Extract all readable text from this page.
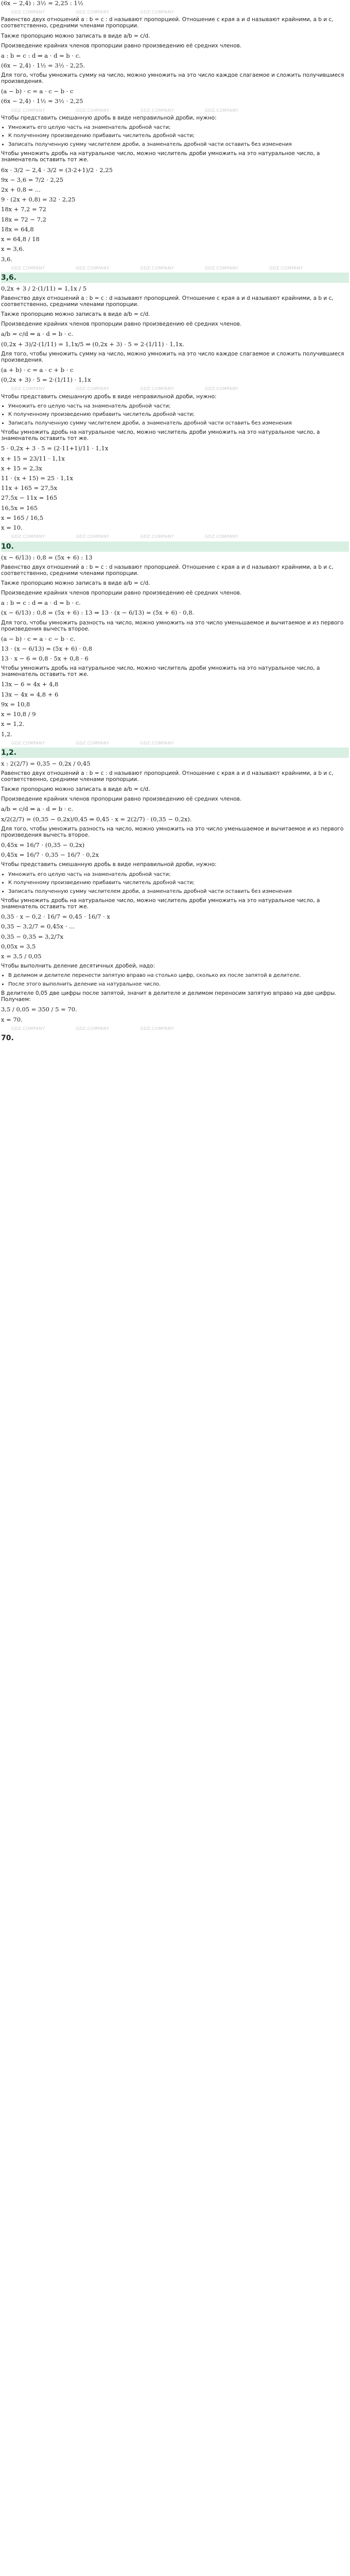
(6x − 2,4) : 3½ = 2,25 : 1½
GDZ.COMPANY	GDZ.COMPANY	GDZ.COMPANY
Равенство двух отношений a : b = c : d называют пропорцией. Отношение с края a и d называют крайними, а b и c, соответственно, средними членами пропорции.
Также пропорцию можно записать в виде a/b = c/d.
Произведение крайних членов пропорции равно произведению её средних членов.
a : b = c : d ⇒ a · d = b · c.
(6x − 2,4) · 1½ = 3½ · 2,25.
Для того, чтобы умножить сумму на число, можно умножить на это число каждое слагаемое и сложить получившиеся произведения.
(a − b) · c = a · c − b · c
(6x − 2,4) · 1½ = 3½ · 2,25
GDZ.COMPANY	GDZ.COMPANY	GDZ.COMPANY	GDZ.COMPANY
Чтобы представить смешанную дробь в виде неправильной дроби, нужно:
• Умножить его целую часть на знаменатель дробной части;
• К полученному произведению прибавить числитель дробной части;
• Записать полученную сумму числителем дроби, а знаменатель дробной части оставить без изменения
Чтобы умножить дробь на натуральное число, можно числитель дроби умножить на это натуральное число, а знаменатель оставить тот же.
6x · 3/2 − 2,4 · 3/2 = (3·2+1)/2 · 2,25
9x − 3,6 = 7/2 · 2,25
2x + 0,8 = ...
9 · (2x + 0,8) = 32 · 2,25
18x + 7,2 = 72
18x = 72 − 7,2
18x = 64,8
x = 64,8 / 18
x = 3,6.
3,6.
GDZ.COMPANY	GDZ.COMPANY	GDZ.COMPANY	GDZ.COMPANY	GDZ.COMPANY
3,6.
0,2x + 3 / 2·(1/11) = 1,1x / 5
Равенство двух отношений a : b = c : d называют пропорцией. Отношение с края a и d называют крайними, а b и c, соответственно, средними членами пропорции.
Также пропорцию можно записать в виде a/b = c/d.
Произведение крайних членов пропорции равно произведению её средних членов.
a/b = c/d ⇒ a · d = b · c.
(0,2x + 3)/2·(1/11) = 1,1x/5 ⇒ (0,2x + 3) · 5 = 2·(1/11) · 1,1x.
Для того, чтобы умножить сумму на число, можно умножить на это число каждое слагаемое и сложить получившиеся произведения.
(a + b) · c = a · c + b · c
(0,2x + 3) · 5 = 2·(1/11) · 1,1x
GDZ.COMPANY	GDZ.COMPANY	GDZ.COMPANY	GDZ.COMPANY
Чтобы представить смешанную дробь в виде неправильной дроби, нужно:
• Умножить его целую часть на знаменатель дробной части;
• К полученному произведению прибавить числитель дробной части;
• Записать полученную сумму числителем дроби, а знаменатель дробной части оставить без изменения
Чтобы умножить дробь на натуральное число, можно числитель дроби умножить на это натуральное число, а знаменатель оставить тот же.
5 · 0,2x + 3 · 5 = (2·11+1)/11 · 1,1x
x + 15 = 23/11 · 1,1x
x + 15 = 2,3x
11 · (x + 15) = 25 · 1,1x
11x + 165 = 27,5x
27,5x − 11x = 165
16,5x = 165
x = 165 / 16,5
x = 10.
GDZ.COMPANY	GDZ.COMPANY	GDZ.COMPANY	GDZ.COMPANY
10.
(x − 6/13) : 0,8 = (5x + 6) : 13
Равенство двух отношений a : b = c : d называют пропорцией. Отношение с края a и d называют крайними, а b и c, соответственно, средними членами пропорции.
Также пропорцию можно записать в виде a/b = c/d.
Произведение крайних членов пропорции равно произведению её средних членов.
a : b = c : d ⇒ a · d = b · c.
(x − 6/13) : 0,8 = (5x + 6) : 13 ⇒ 13 · (x − 6/13) = (5x + 6) · 0,8.
Для того, чтобы умножить разность на число, можно умножить на это число уменьшаемое и вычитаемое и из первого произведения вычесть второе.
(a − b) · c = a · c − b · c.
13 · (x − 6/13) = (5x + 6) · 0,8
13 · x − 6 = 0,8 · 5x + 0,8 · 6
Чтобы умножить дробь на натуральное число, можно числитель дроби умножить на это натуральное число, а знаменатель оставить тот же.
13x − 6 = 4x + 4,8
13x − 4x = 4,8 + 6
9x = 10,8
x = 10,8 / 9
x = 1,2.
1,2.
GDZ.COMPANY	GDZ.COMPANY	GDZ.COMPANY
1,2.
x : 2(2/7) = 0,35 − 0,2x / 0,45
Равенство двух отношений a : b = c : d называют пропорцией. Отношение с края a и d называют крайними, а b и c, соответственно, средними членами пропорции.
Также пропорцию можно записать в виде a/b = c/d.
Произведение крайних членов пропорции равно произведению её средних членов.
a/b = c/d ⇒ a · d = b · c.
x/2(2/7) = (0,35 − 0,2x)/0,45 ⇒ 0,45 · x = 2(2/7) · (0,35 − 0,2x).
Для того, чтобы умножить разность на число, можно умножить на это число уменьшаемое и вычитаемое и из первого произведения вычесть второе.
0,45x = 16/7 · (0,35 − 0,2x)
0,45x = 16/7 · 0,35 − 16/7 · 0,2x
Чтобы представить смешанную дробь в виде неправильной дроби, нужно:
• Умножить его целую часть на знаменатель дробной части;
• К полученному произведению прибавить числитель дробной части;
• Записать полученную сумму числителем дроби, а знаменатель дробной части оставить без изменения
Чтобы умножить дробь на натуральное число, можно числитель дроби умножить на это натуральное число, а знаменатель оставить тот же.
0,35 · x − 0,2 · 16/7 = 0,45 · 16/7 · x
0,35 − 3,2/7 = 0,45x · ...
0,35 − 0,35 = 3,2/7x
0,05x = 3,5
x = 3,5 / 0,05
Чтобы выполнить деление десятичных дробей, надо:
• В делимом и делителе перенести запятую вправо на столько цифр, сколько их после запятой в делителе.
• После этого выполнить деление на натуральное число.
В делителе 0,05 две цифры после запятой, значит в делителе и делимом переносим запятую вправо на две цифры. Получаем:
3,5 / 0,05 = 350 / 5 = 70.
x = 70.
GDZ.COMPANY	GDZ.COMPANY	GDZ.COMPANY
70.
